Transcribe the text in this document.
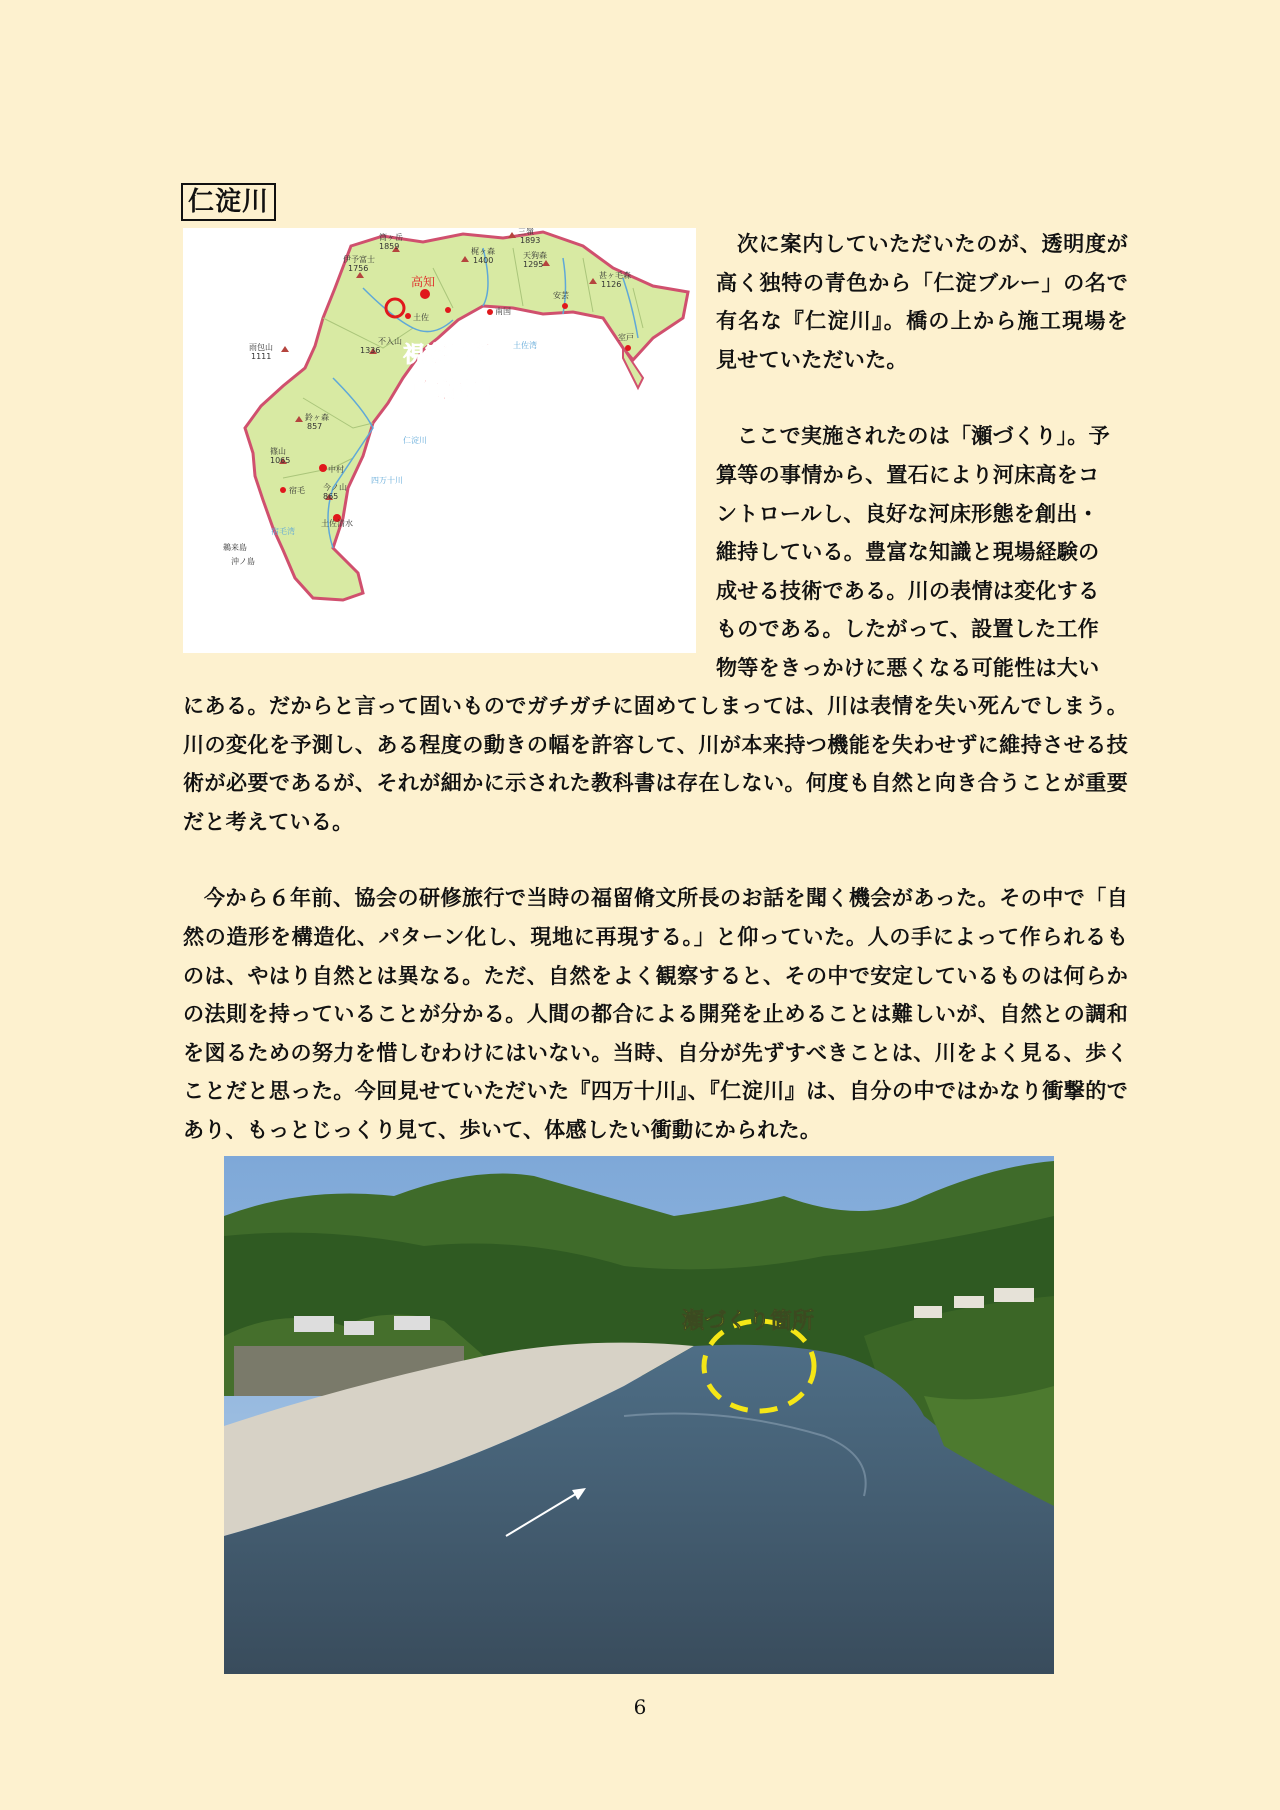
仁淀川
筒ヶ岳
1859
伊予富士
1756
梶ヶ森
1400
三嶺
1893
天狗森
1295
甚ヶ毛森
1126
雨包山
1111
不入山
1336
鈴ヶ森
857
篠山
1065
今ノ山
865
南国
安芸
土佐
中村
宿毛
土佐清水
室戸
土佐湾
仁淀川
四万十川
宿毛湾
鵜来島
沖ノ島
高知
視察個所
『仁淀川』

次に案内していただいたのが、透明度が高く独特の青色から「仁淀ブルー」の名で有名な『仁淀川』。橋の上から施工現場を見せていただいた。

ここで実施されたのは「瀬づくり」。予
算等の事情から、置石により河床高をコ
ントロールし、良好な河床形態を創出・
維持している。豊富な知識と現場経験の
成せる技術である。川の表情は変化する
ものである。したがって、設置した工作
物等をきっかけに悪くなる可能性は大い

にある。だからと言って固いものでガチガチに固めてしまっては、川は表情を失い死んでしまう。川の変化を予測し、ある程度の動きの幅を許容して、川が本来持つ機能を失わせずに維持させる技術が必要であるが、それが細かに示された教科書は存在しない。何度も自然と向き合うことが重要だと考えている。

今から６年前、協会の研修旅行で当時の福留脩文所長のお話を聞く機会があった。その中で「自然の造形を構造化、パターン化し、現地に再現する。」と仰っていた。人の手によって作られるものは、やはり自然とは異なる。ただ、自然をよく観察すると、その中で安定しているものは何らかの法則を持っていることが分かる。人間の都合による開発を止めることは難しいが、自然との調和を図るための努力を惜しむわけにはいない。当時、自分が先ずすべきことは、川をよく見る、歩くことだと思った。今回見せていただいた『四万十川』、『仁淀川』は、自分の中ではかなり衝撃的であり、もっとじっくり見て、歩いて、体感したい衝動にかられた。

瀬づくり箇所
6
